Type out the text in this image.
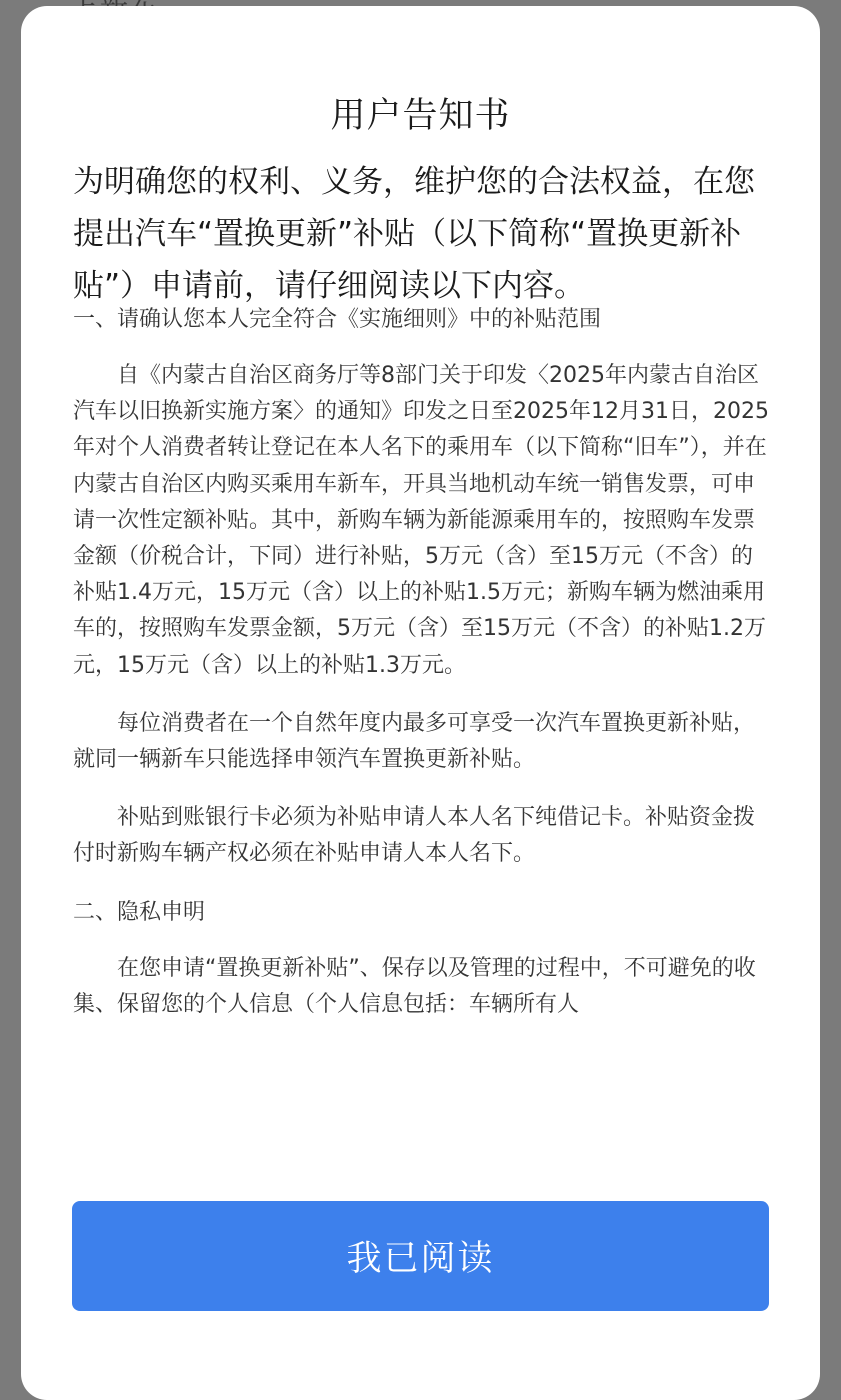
用户告知书
为明确您的权利、义务，维护您的合法权益，在您提出汽车“置换更新”补贴（以下简称“置换更新补贴”）申请前，请仔细阅读以下内容。

一、请确认您本人完全符合《实施细则》中的补贴范围

自《内蒙古自治区商务厅等8部门关于印发〈2025年内蒙古自治区汽车以旧换新实施方案〉的通知》印发之日至2025年12月31日，2025年对个人消费者转让登记在本人名下的乘用车（以下简称“旧车”），并在内蒙古自治区内购买乘用车新车，开具当地机动车统一销售发票，可申请一次性定额补贴。其中，新购车辆为新能源乘用车的，按照购车发票金额（价税合计，下同）进行补贴，5万元（含）至15万元（不含）的补贴1.4万元，15万元（含）以上的补贴1.5万元；新购车辆为燃油乘用车的，按照购车发票金额，5万元（含）至15万元（不含）的补贴1.2万元，15万元（含）以上的补贴1.3万元。

每位消费者在一个自然年度内最多可享受一次汽车置换更新补贴，就同一辆新车只能选择申领汽车置换更新补贴。

补贴到账银行卡必须为补贴申请人本人名下纯借记卡。补贴资金拨付时新购车辆产权必须在补贴申请人本人名下。

二、隐私申明

在您申请“置换更新补贴”、保存以及管理的过程中，不可避免的收集、保留您的个人信息（个人信息包括：车辆所有人

我已阅读
